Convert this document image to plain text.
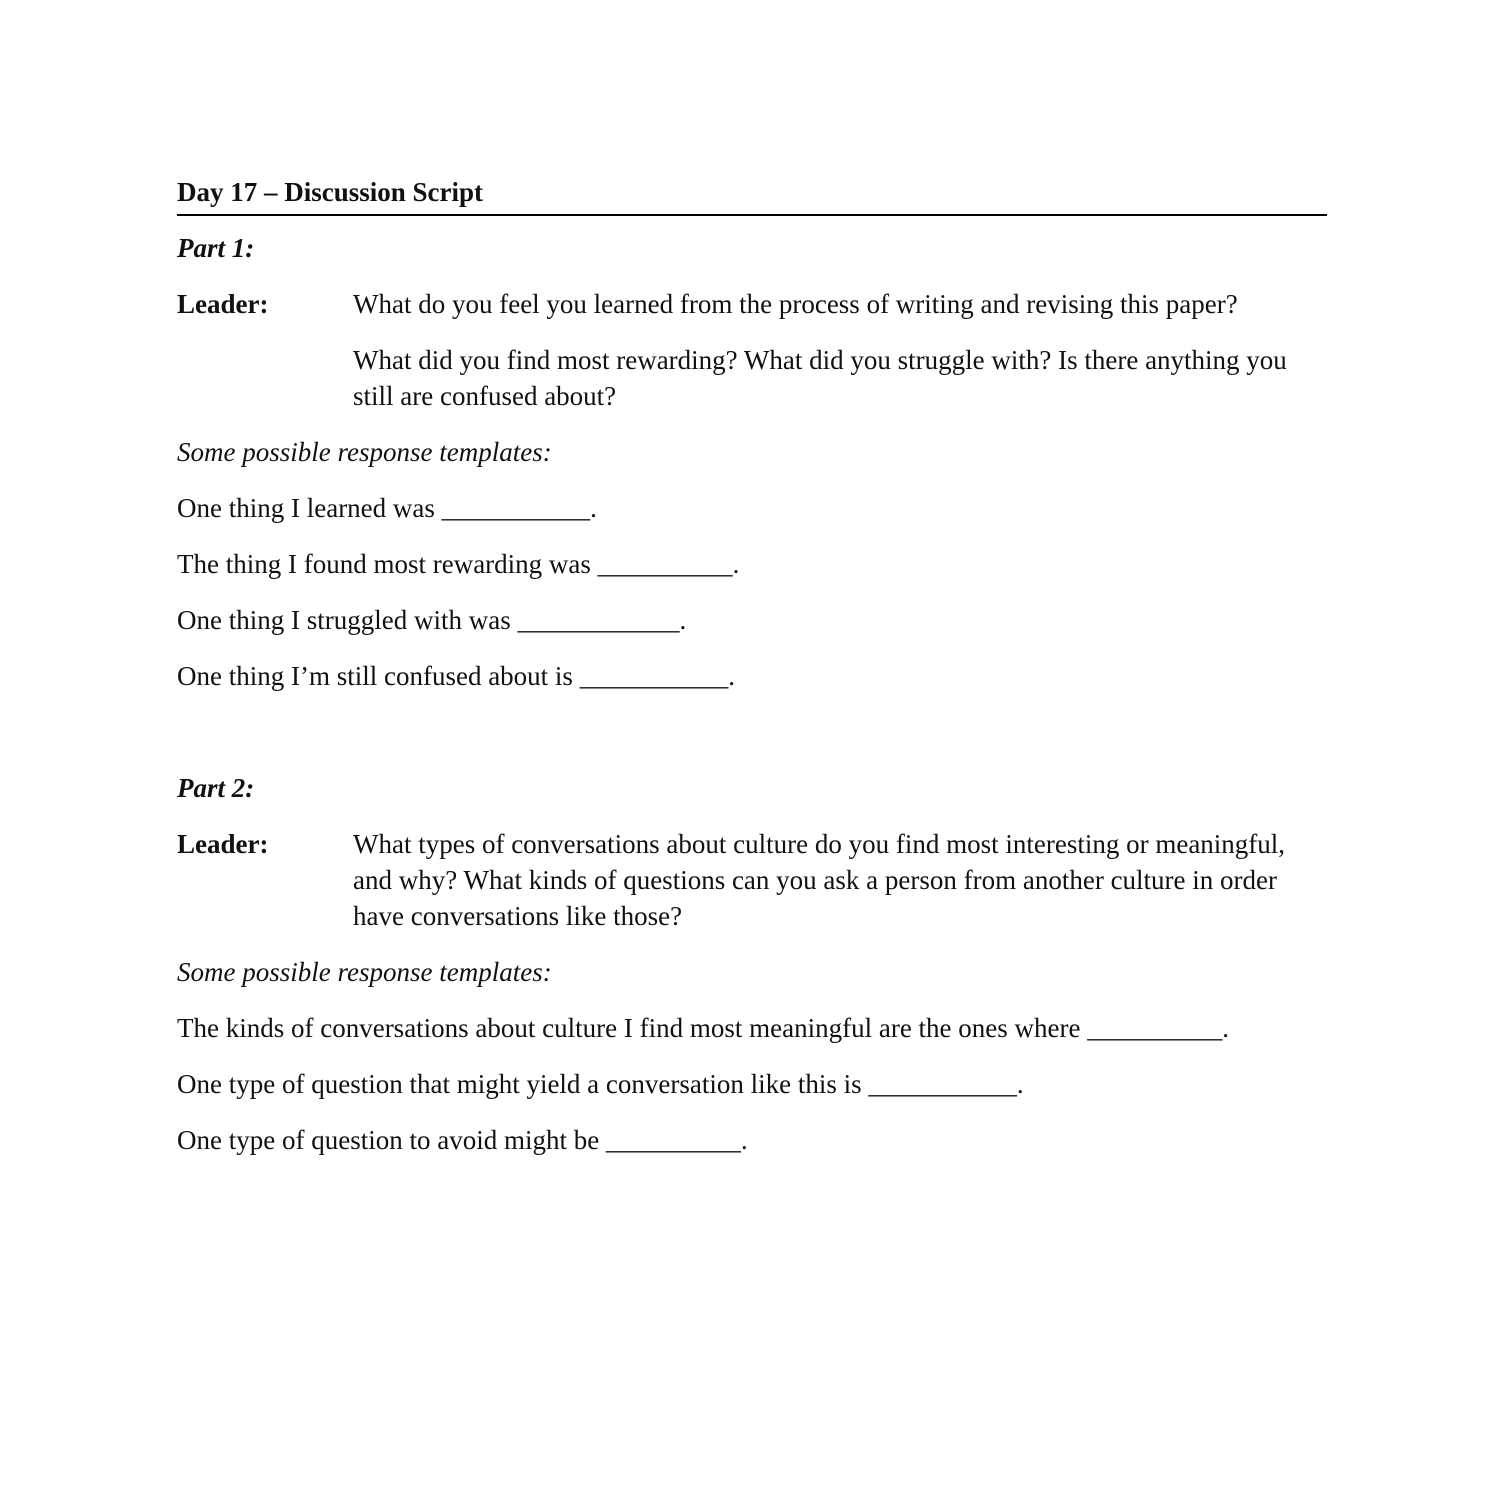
Day 17 – Discussion Script
Part 1:
Leader:	What do you feel you learned from the process of writing and revising this paper?

What did you find most rewarding? What did you struggle with? Is there anything you still are confused about?

Some possible response templates:
One thing I learned was ___________.
The thing I found most rewarding was __________.
One thing I struggled with was ____________.
One thing I’m still confused about is ___________.
Part 2:
Leader:	What types of conversations about culture do you find most interesting or meaningful, and why? What kinds of questions can you ask a person from another culture in order have conversations like those?

Some possible response templates:
The kinds of conversations about culture I find most meaningful are the ones where __________.
One type of question that might yield a conversation like this is ___________.
One type of question to avoid might be __________.
